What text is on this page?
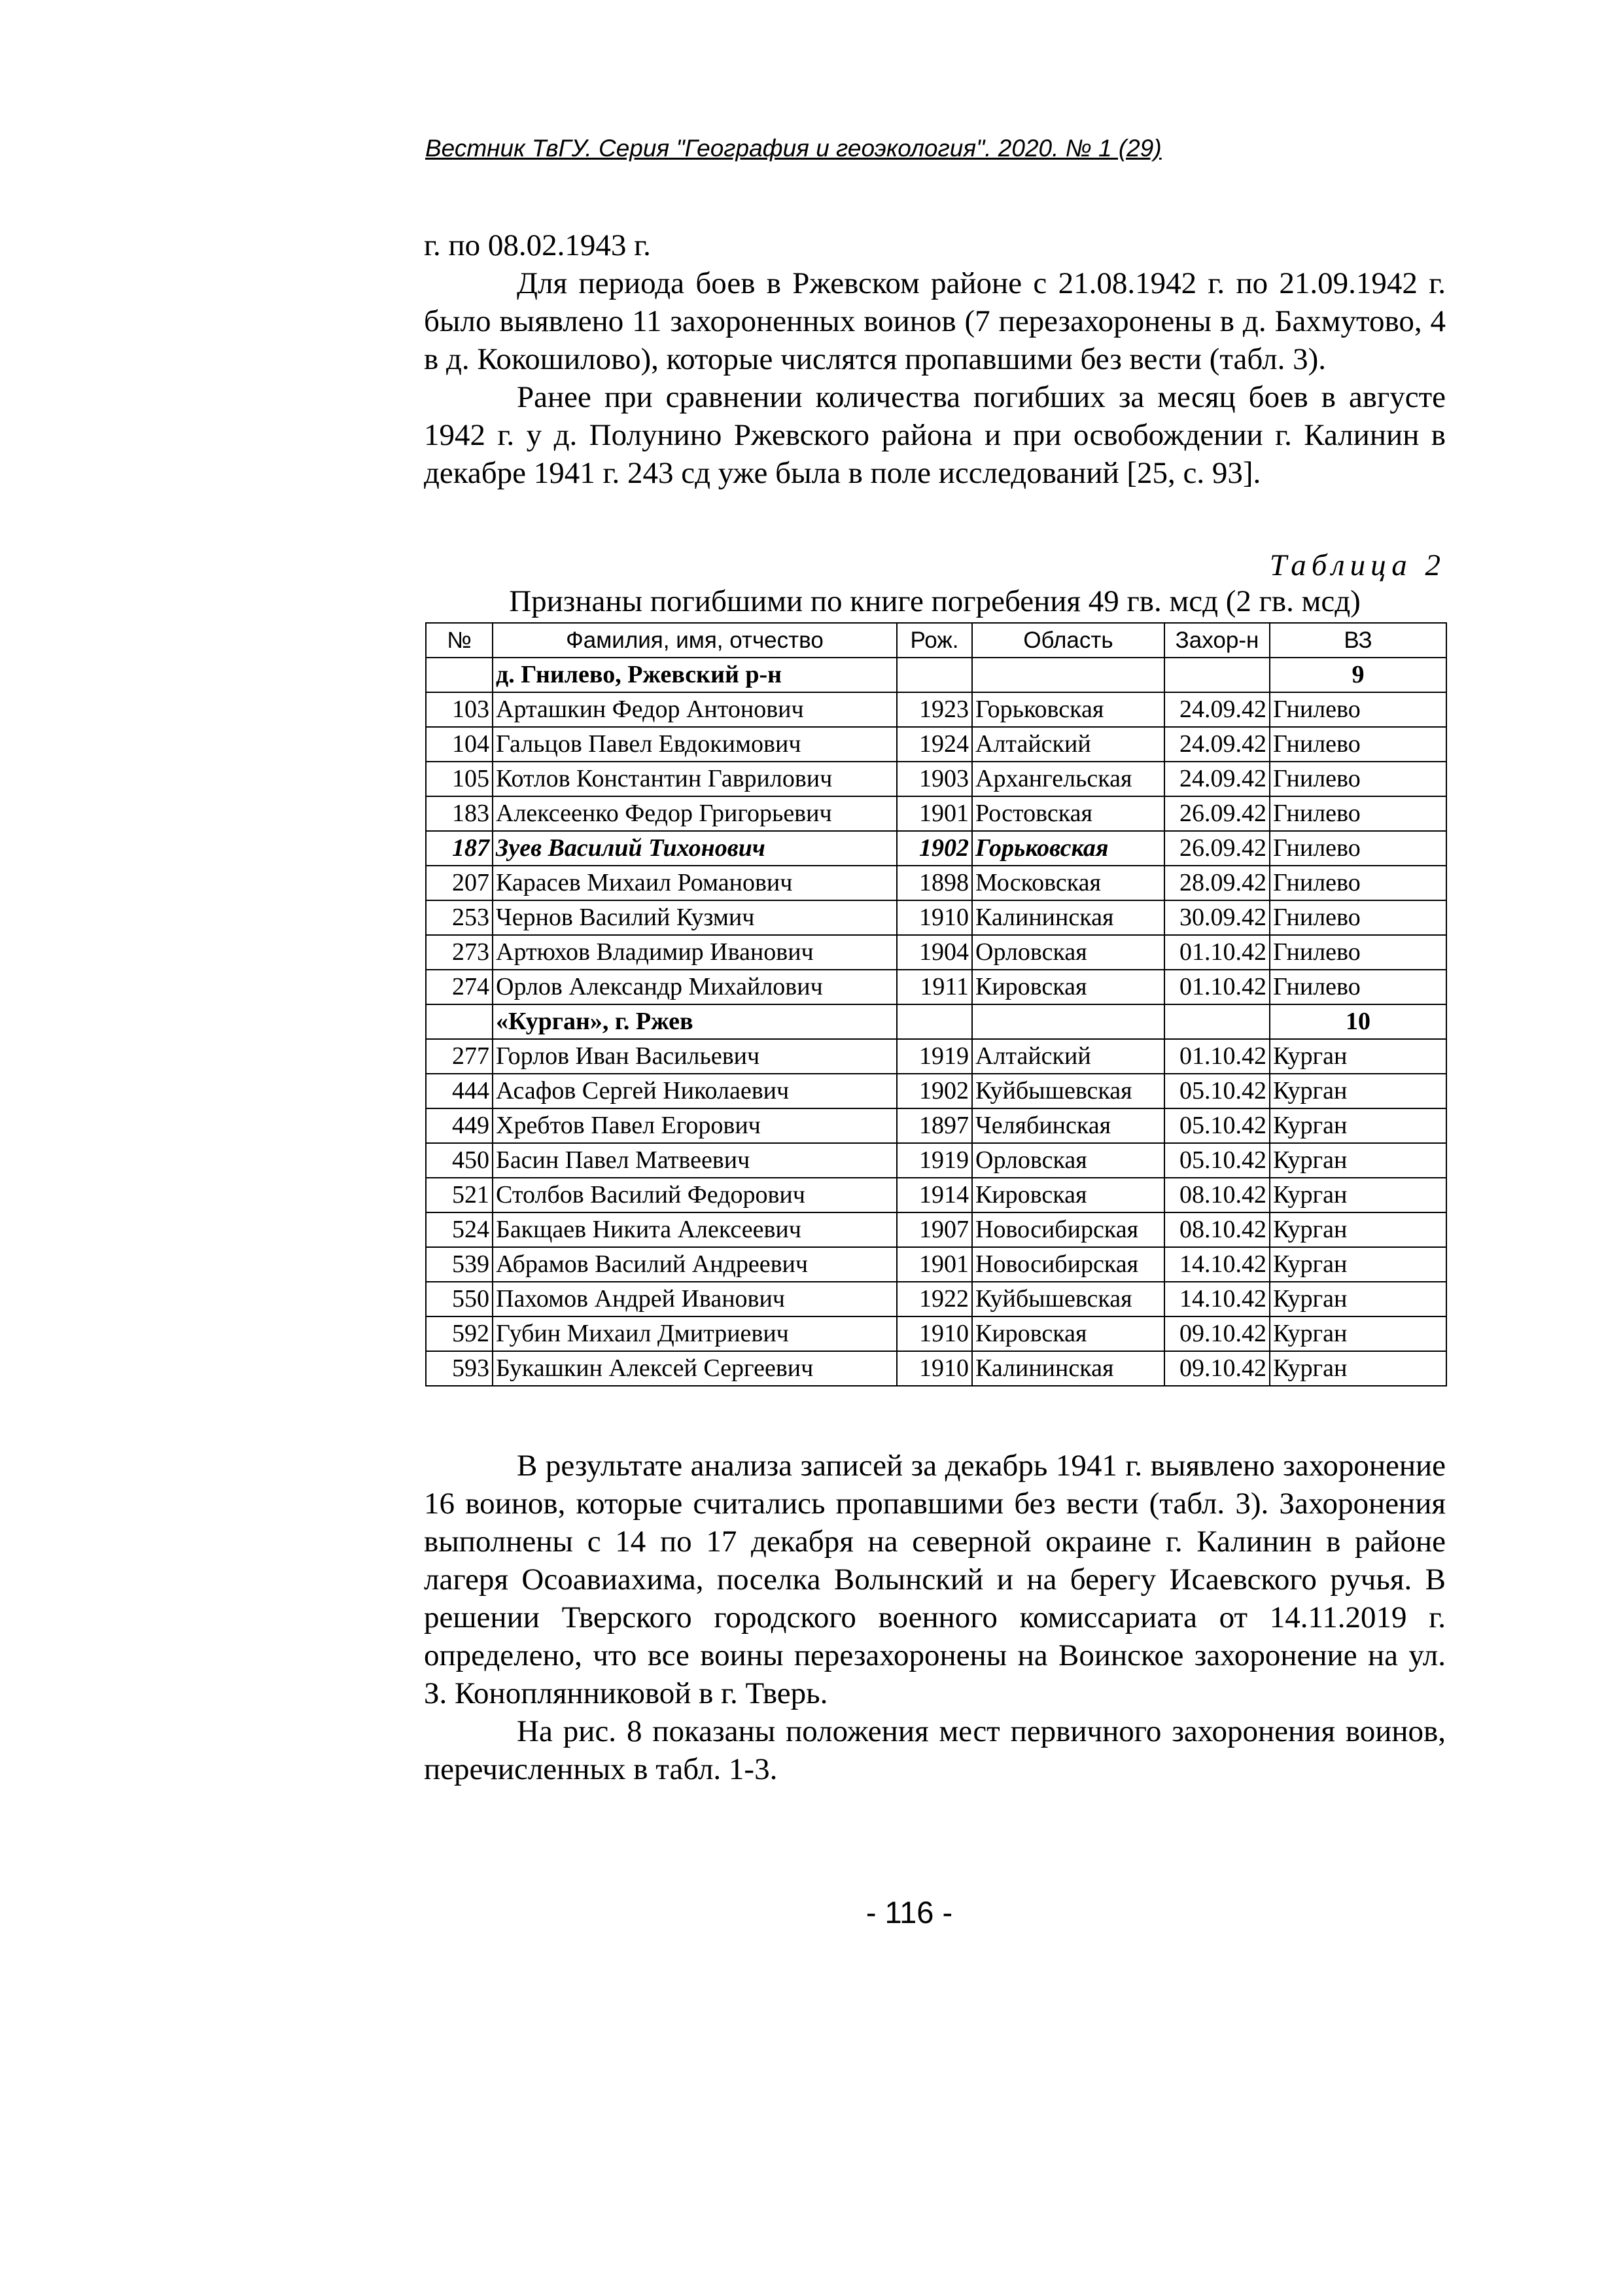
Вестник ТвГУ. Серия "География и геоэкология". 2020. № 1 (29)

г. по 08.02.1943 г.

Для периода боев в Ржевском районе с 21.08.1942 г. по 21.09.1942 г. было выявлено 11 захороненных воинов (7 перезахоронены в д. Бахмутово, 4 в д. Кокошилово), которые числятся пропавшими без вести (табл. 3).

Ранее при сравнении количества погибших за месяц боев в августе 1942 г. у д. Полунино Ржевского района и при освобождении г. Калинин в декабре 1941 г. 243 сд уже была в поле исследований [25, с. 93].

Таблица 2
Признаны погибшими по книге погребения 49 гв. мсд (2 гв. мсд)
№	Фамилия, имя, отчество	Рож.	Область	Захор-н	ВЗ
	д. Гнилево, Ржевский р-н				9
103	Арташкин Федор Антонович	1923	Горьковская	24.09.42	Гнилево
104	Гальцов Павел Евдокимович	1924	Алтайский	24.09.42	Гнилево
105	Котлов Константин Гаврилович	1903	Архангельская	24.09.42	Гнилево
183	Алексеенко Федор Григорьевич	1901	Ростовская	26.09.42	Гнилево
187	Зуев Василий Тихонович	1902	Горьковская	26.09.42	Гнилево
207	Карасев Михаил Романович	1898	Московская	28.09.42	Гнилево
253	Чернов Василий Кузмич	1910	Калининская	30.09.42	Гнилево
273	Артюхов Владимир Иванович	1904	Орловская	01.10.42	Гнилево
274	Орлов Александр Михайлович	1911	Кировская	01.10.42	Гнилево
	«Курган», г. Ржев				10
277	Горлов Иван Васильевич	1919	Алтайский	01.10.42	Курган
444	Асафов Сергей Николаевич	1902	Куйбышевская	05.10.42	Курган
449	Хребтов Павел Егорович	1897	Челябинская	05.10.42	Курган
450	Басин Павел Матвеевич	1919	Орловская	05.10.42	Курган
521	Столбов Василий Федорович	1914	Кировская	08.10.42	Курган
524	Бакщаев Никита Алексеевич	1907	Новосибирская	08.10.42	Курган
539	Абрамов Василий Андреевич	1901	Новосибирская	14.10.42	Курган
550	Пахомов Андрей Иванович	1922	Куйбышевская	14.10.42	Курган
592	Губин Михаил Дмитриевич	1910	Кировская	09.10.42	Курган
593	Букашкин Алексей Сергеевич	1910	Калининская	09.10.42	Курган

В результате анализа записей за декабрь 1941 г. выявлено захоронение 16 воинов, которые считались пропавшими без вести (табл. 3). Захоронения выполнены с 14 по 17 декабря на северной окраине г. Калинин в районе лагеря Осоавиахима, поселка Волынский и на берегу Исаевского ручья. В решении Тверского городского военного комиссариата от 14.11.2019 г. определено, что все воины перезахоронены на Воинское захоронение на ул. З. Коноплянниковой в г. Тверь.

На рис. 8 показаны положения мест первичного захоронения воинов, перечисленных в табл. 1-3.

- 116 -
